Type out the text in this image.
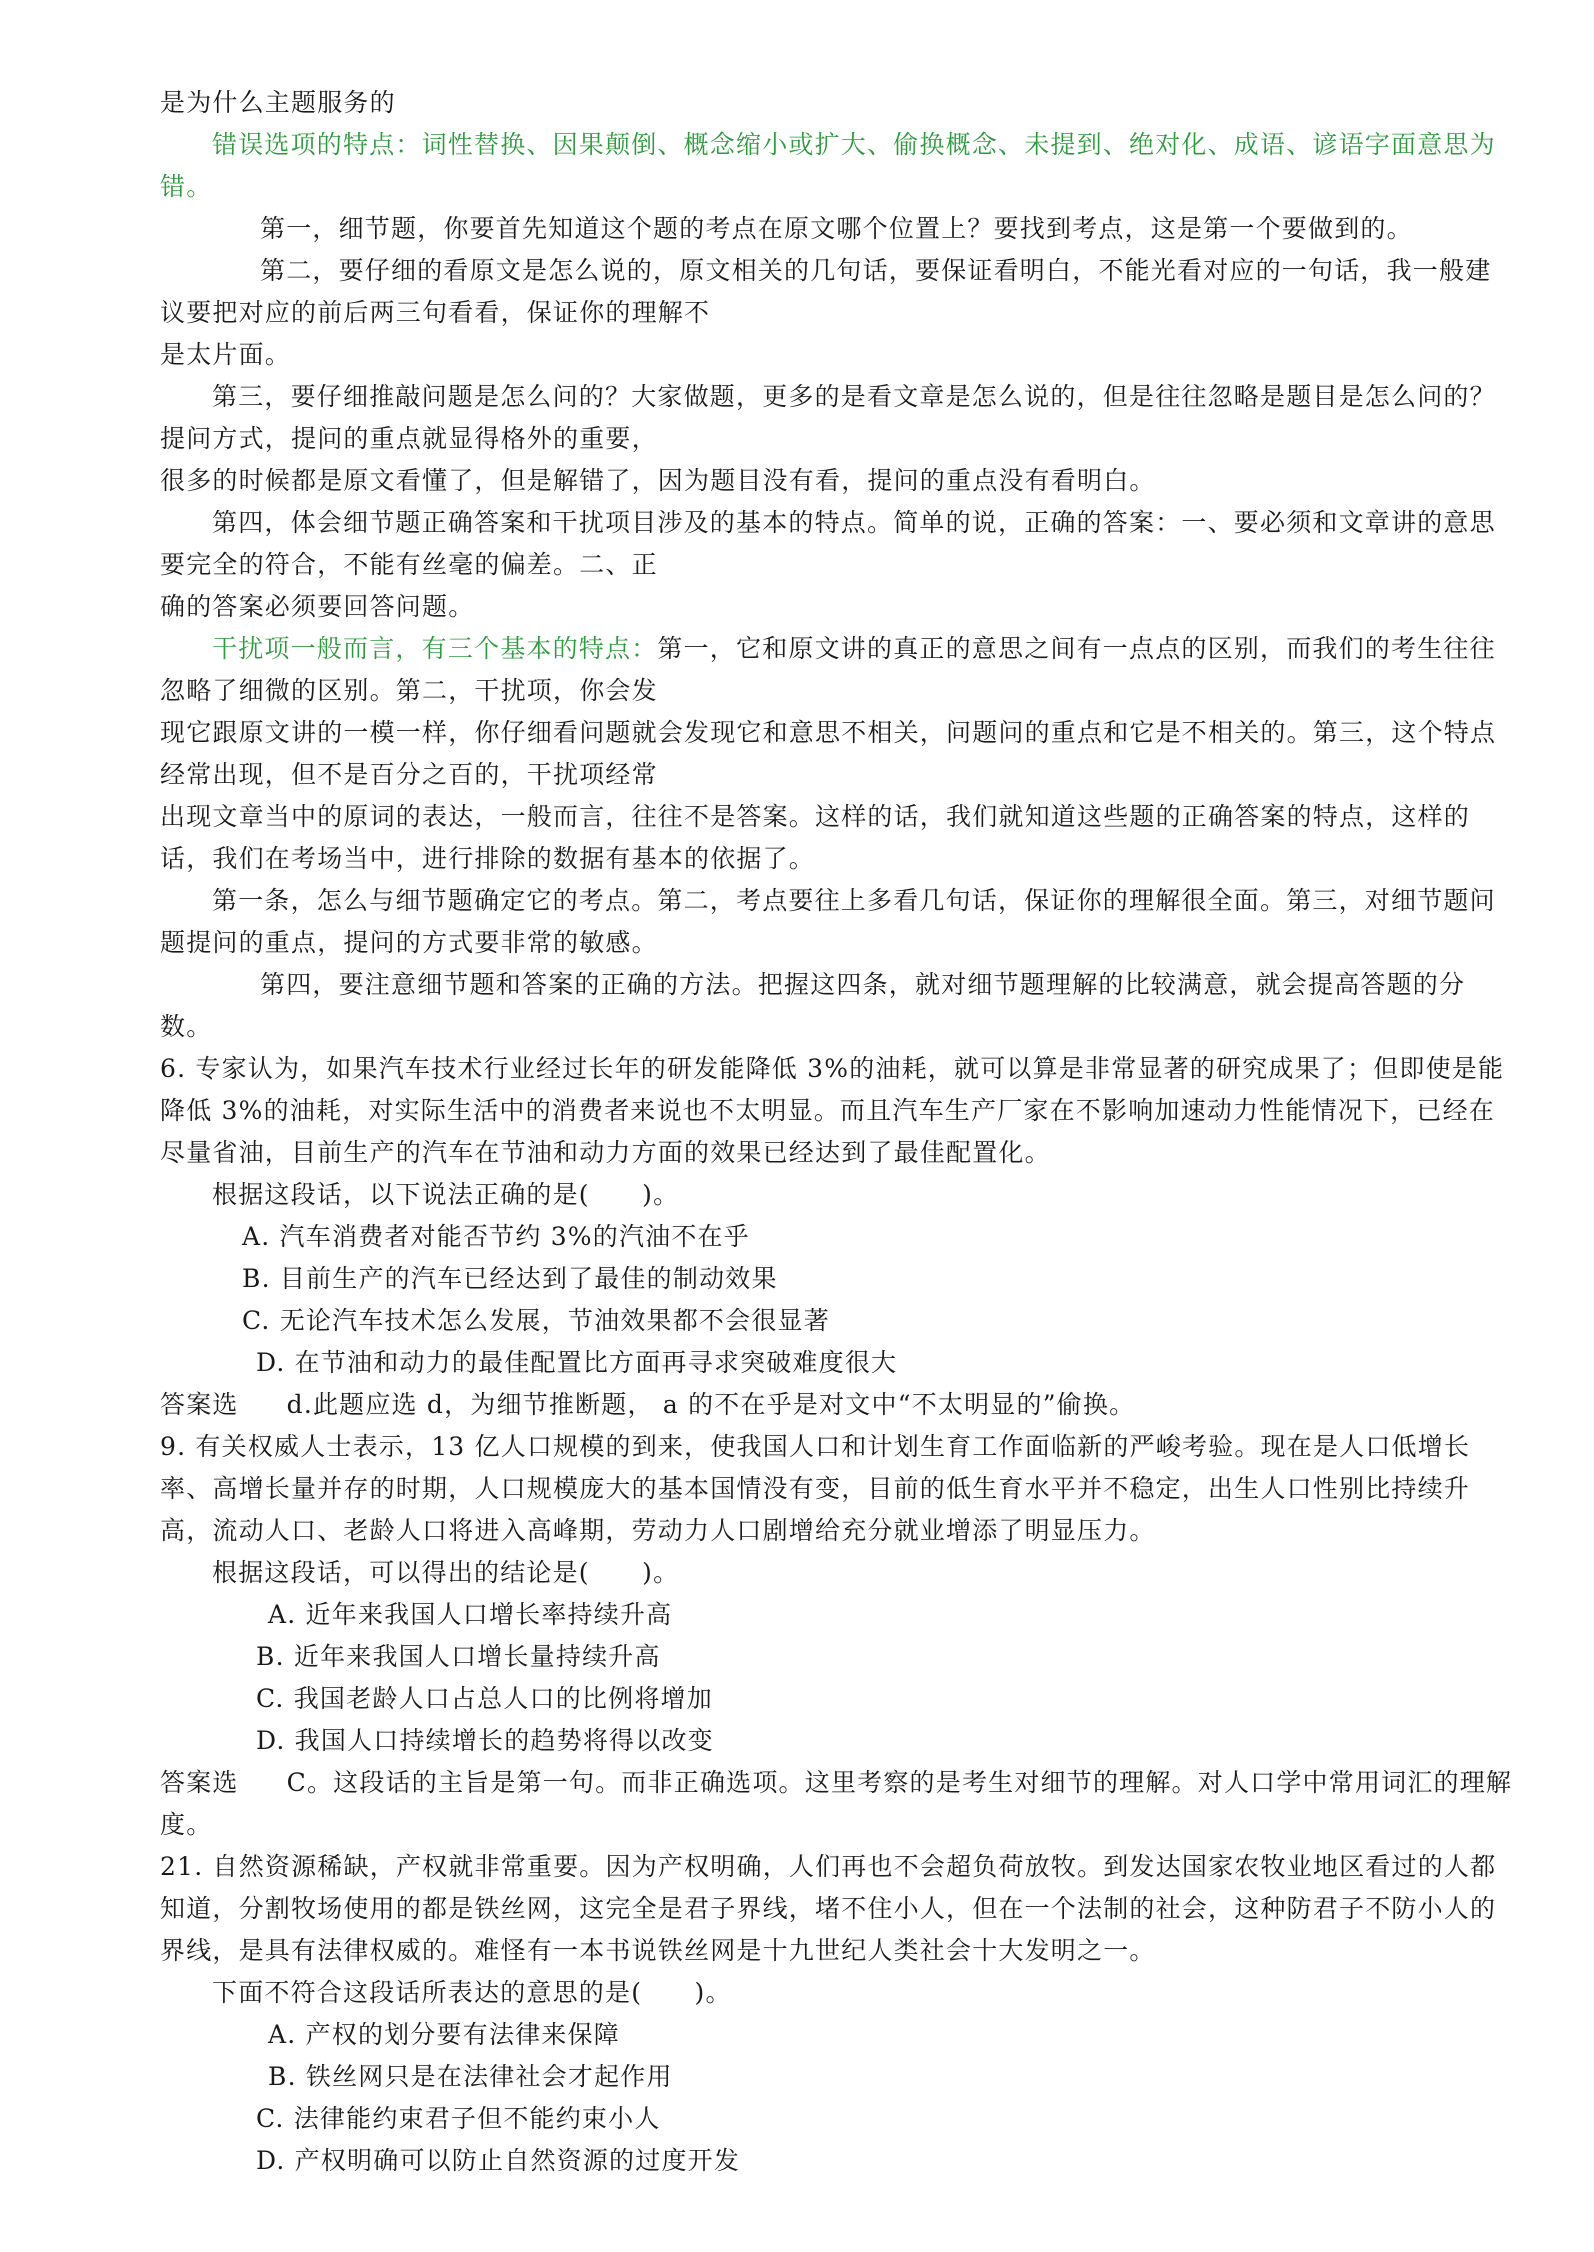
是为什么主题服务的

错误选项的特点：词性替换、因果颠倒、概念缩小或扩大、偷换概念、未提到、绝对化、成语、谚语字面意思为错。

第一，细节题，你要首先知道这个题的考点在原文哪个位置上？要找到考点，这是第一个要做到的。

第二，要仔细的看原文是怎么说的，原文相关的几句话，要保证看明白，不能光看对应的一句话，我一般建议要把对应的前后两三句看看，保证你的理解不

是太片面。

第三，要仔细推敲问题是怎么问的？大家做题，更多的是看文章是怎么说的，但是往往忽略是题目是怎么问的？提问方式，提问的重点就显得格外的重要，

很多的时候都是原文看懂了，但是解错了，因为题目没有看，提问的重点没有看明白。

第四，体会细节题正确答案和干扰项目涉及的基本的特点。简单的说，正确的答案：一、要必须和文章讲的意思要完全的符合，不能有丝毫的偏差。二、正

确的答案必须要回答问题。

干扰项一般而言，有三个基本的特点：第一，它和原文讲的真正的意思之间有一点点的区别，而我们的考生往往忽略了细微的区别。第二，干扰项，你会发

现它跟原文讲的一模一样，你仔细看问题就会发现它和意思不相关，问题问的重点和它是不相关的。第三，这个特点经常出现，但不是百分之百的，干扰项经常

出现文章当中的原词的表达，一般而言，往往不是答案。这样的话，我们就知道这些题的正确答案的特点，这样的话，我们在考场当中，进行排除的数据有基本的依据了。

第一条，怎么与细节题确定它的考点。第二，考点要往上多看几句话，保证你的理解很全面。第三，对细节题问题提问的重点，提问的方式要非常的敏感。

第四，要注意细节题和答案的正确的方法。把握这四条，就对细节题理解的比较满意，就会提高答题的分数。

6. 专家认为，如果汽车技术行业经过长年的研发能降低 3%的油耗，就可以算是非常显著的研究成果了；但即使是能降低 3%的油耗，对实际生活中的消费者来说也不太明显。而且汽车生产厂家在不影响加速动力性能情况下，已经在尽量省油，目前生产的汽车在节油和动力方面的效果已经达到了最佳配置化。

根据这段话，以下说法正确的是(　　)。

A. 汽车消费者对能否节约 3%的汽油不在乎

B. 目前生产的汽车已经达到了最佳的制动效果

C. 无论汽车技术怎么发展，节油效果都不会很显著

D. 在节油和动力的最佳配置比方面再寻求突破难度很大

答案选 d.此题应选 d，为细节推断题， a 的不在乎是对文中“不太明显的”偷换。

9. 有关权威人士表示，13 亿人口规模的到来，使我国人口和计划生育工作面临新的严峻考验。现在是人口低增长率、高增长量并存的时期，人口规模庞大的基本国情没有变，目前的低生育水平并不稳定，出生人口性别比持续升高，流动人口、老龄人口将进入高峰期，劳动力人口剧增给充分就业增添了明显压力。

根据这段话，可以得出的结论是(　　)。

A. 近年来我国人口增长率持续升高

B. 近年来我国人口增长量持续升高

C. 我国老龄人口占总人口的比例将增加

D. 我国人口持续增长的趋势将得以改变

答案选 C。这段话的主旨是第一句。而非正确选项。这里考察的是考生对细节的理解。对人口学中常用词汇的理解度。

21. 自然资源稀缺，产权就非常重要。因为产权明确，人们再也不会超负荷放牧。到发达国家农牧业地区看过的人都知道，分割牧场使用的都是铁丝网，这完全是君子界线，堵不住小人，但在一个法制的社会，这种防君子不防小人的界线，是具有法律权威的。难怪有一本书说铁丝网是十九世纪人类社会十大发明之一。

下面不符合这段话所表达的意思的是(　　)。

A. 产权的划分要有法律来保障

B. 铁丝网只是在法律社会才起作用

C. 法律能约束君子但不能约束小人

D. 产权明确可以防止自然资源的过度开发
